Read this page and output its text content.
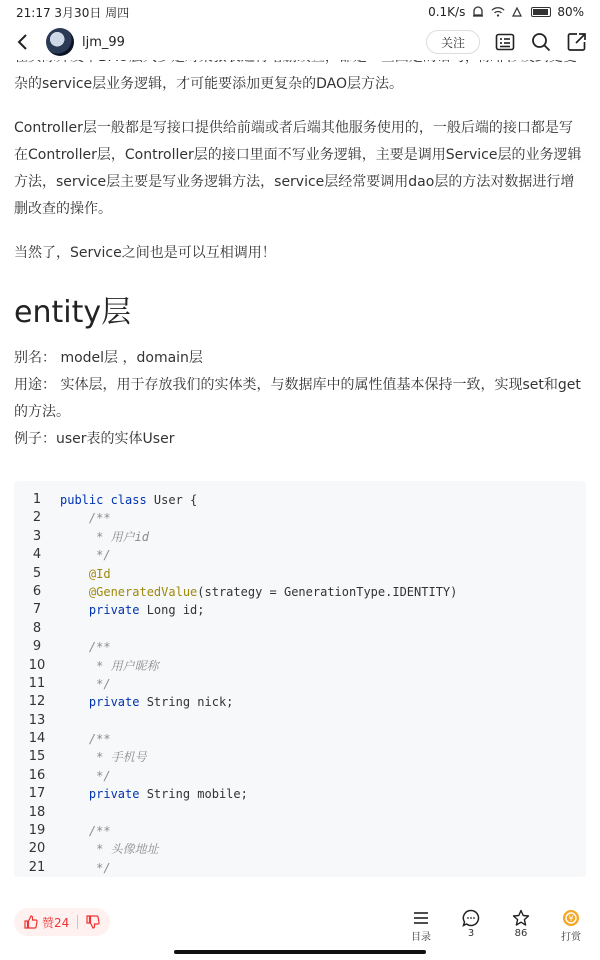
21:17 3月30日 周四	0.1K/s	80%
ljm_99	关注

杂的service层业务逻辑，才可能要添加更复杂的DAO层方法。

Controller层一般都是写接口提供给前端或者后端其他服务使用的，一般后端的接口都是写在Controller层，Controller层的接口里面不写业务逻辑，主要是调用Service层的业务逻辑方法，service层主要是写业务逻辑方法，service层经常要调用dao层的方法对数据进行增删改查的操作。

当然了，Service之间也是可以互相调用！

entity层

别名： model层 ，domain层

用途： 实体层，用于存放我们的实体类，与数据库中的属性值基本保持一致，实现set和get的方法。

例子：user表的实体User

1	public class User {
2	/**
3	* 用户id
4	*/
5	@Id
6	@GeneratedValue(strategy = GenerationType.IDENTITY)
7	private Long id;
8
9	/**
10	* 用户昵称
11	*/
12	private String nick;
13
14	/**
15	* 手机号
16	*/
17	private String mobile;
18
19	/**
20	* 头像地址
21	*/
赞24
目录	3	86
¥
打赏
